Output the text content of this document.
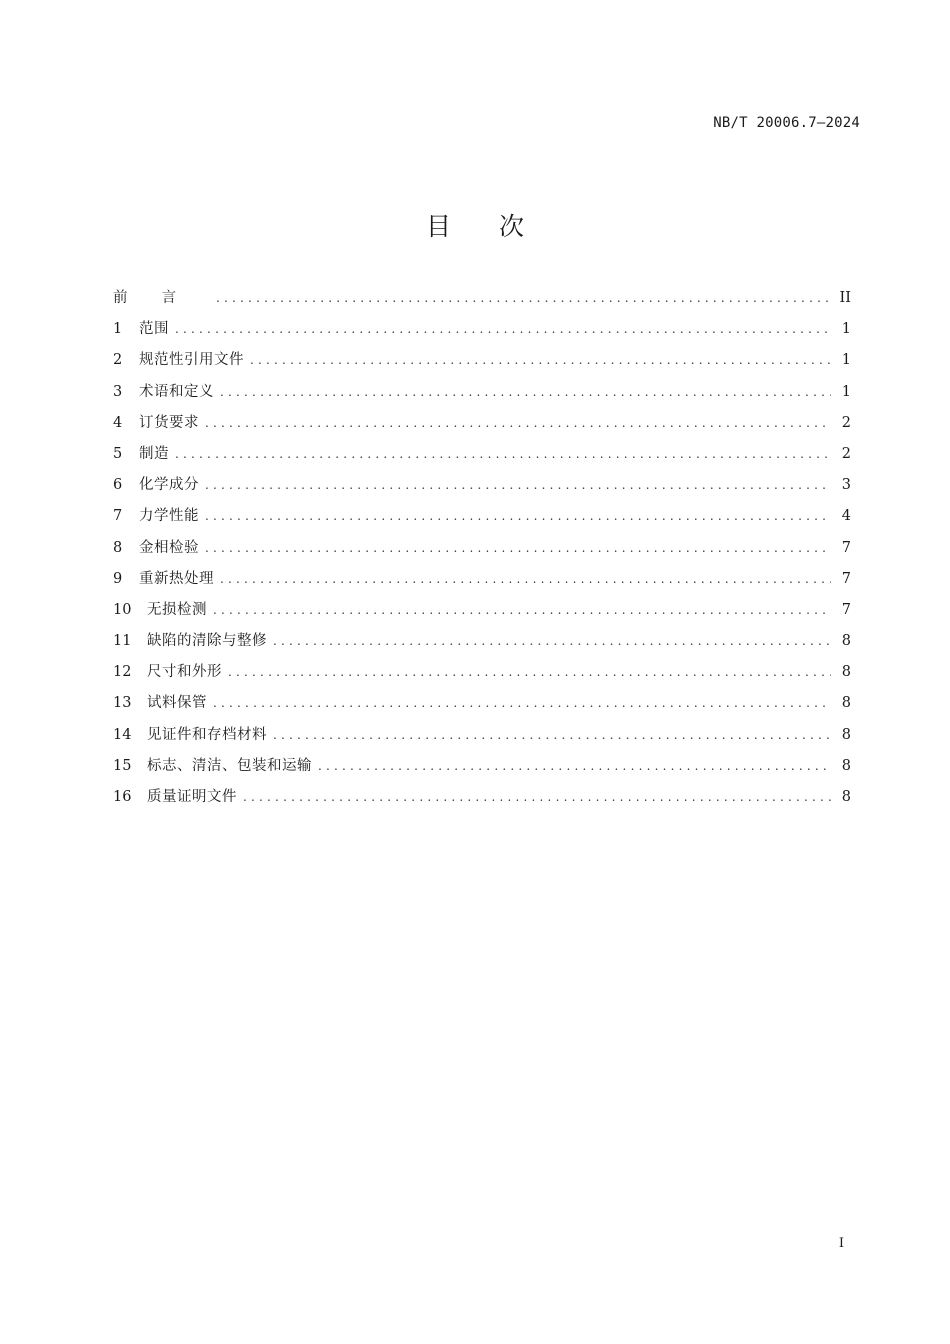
NB/T 20006.7—2024
目次
前言 .....	II
1	范围 .....	1
2	规范性引用文件 .....	1
3	术语和定义 .....	1
4	订货要求 .....	2
5	制造 .....	2
6	化学成分 .....	3
7	力学性能 .....	4
8	金相检验 .....	7
9	重新热处理 .....	7
10	无损检测 .....	7
11	缺陷的清除与整修 .....	8
12	尺寸和外形 .....	8
13	试料保管 .....	8
14	见证件和存档材料 .....	8
15	标志、清洁、包装和运输 .....	8
16	质量证明文件 .....	8
I
